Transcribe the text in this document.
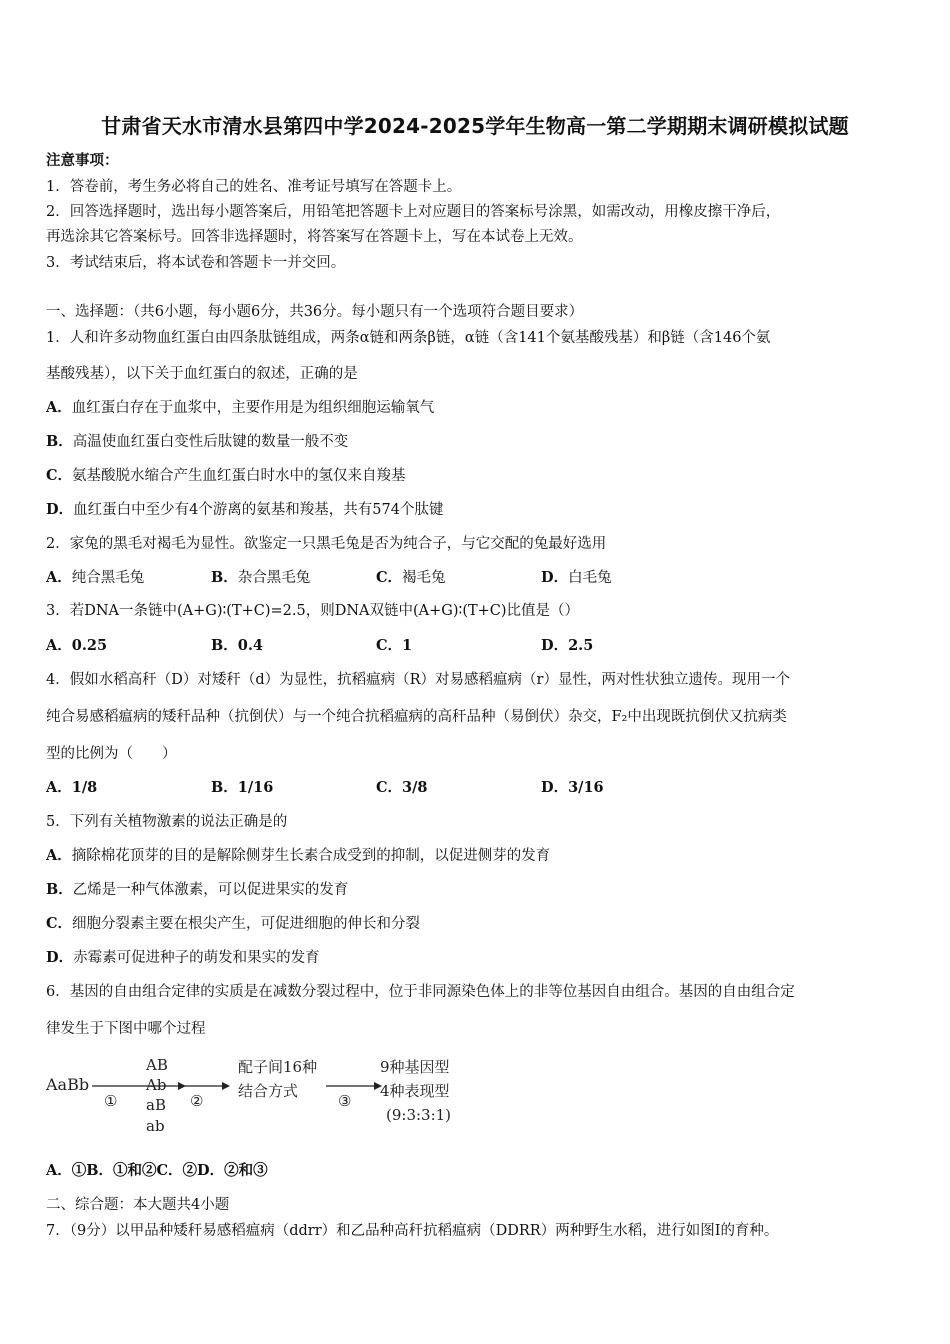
甘肃省天水市清水县第四中学2024-2025学年生物高一第二学期期末调研模拟试题
注意事项：
1．答卷前，考生务必将自己的姓名、准考证号填写在答题卡上。
2．回答选择题时，选出每小题答案后，用铅笔把答题卡上对应题目的答案标号涂黑，如需改动，用橡皮擦干净后，
再选涂其它答案标号。回答非选择题时，将答案写在答题卡上，写在本试卷上无效。
3．考试结束后，将本试卷和答题卡一并交回。
一、选择题：（共6小题，每小题6分，共36分。每小题只有一个选项符合题目要求）
1．人和许多动物血红蛋白由四条肽链组成，两条α链和两条β链，α链（含141个氨基酸残基）和β链（含146个氨
基酸残基），以下关于血红蛋白的叙述，正确的是
A．血红蛋白存在于血浆中，主要作用是为组织细胞运输氧气
B．高温使血红蛋白变性后肽键的数量一般不变
C．氨基酸脱水缩合产生血红蛋白时水中的氢仅来自羧基
D．血红蛋白中至少有4个游离的氨基和羧基，共有574个肽键
2．家兔的黑毛对褐毛为显性。欲鉴定一只黑毛兔是否为纯合子，与它交配的兔最好选用
A．纯合黑毛兔	B．杂合黑毛兔	C．褐毛兔	D．白毛兔
3．若DNA一条链中(A+G)∶(T+C)=2.5，则DNA双链中(A+G)∶(T+C)比值是（）
A．0.25	B．0.4	C．1	D．2.5
4．假如水稻高秆（D）对矮秆（d）为显性，抗稻瘟病（R）对易感稻瘟病（r）显性，两对性状独立遗传。现用一个
纯合易感稻瘟病的矮秆品种（抗倒伏）与一个纯合抗稻瘟病的高秆品种（易倒伏）杂交，F₂中出现既抗倒伏又抗病类
型的比例为（　　）
A．1/8	B．1/16	C．3/8	D．3/16
5．下列有关植物激素的说法正确是的
A．摘除棉花顶芽的目的是解除侧芽生长素合成受到的抑制，以促进侧芽的发育
B．乙烯是一种气体激素，可以促进果实的发育
C．细胞分裂素主要在根尖产生，可促进细胞的伸长和分裂
D．赤霉素可促进种子的萌发和果实的发育
6．基因的自由组合定律的实质是在减数分裂过程中，位于非同源染色体上的非等位基因自由组合。基因的自由组合定
律发生于下图中哪个过程
AaBb
①
AB
Ab
aB
ab
②
配子间16种
结合方式
③
9种基因型
4种表现型
(9:3:3:1)
A．①B．①和②C．②D．②和③
二、综合题：本大题共4小题
7．（9分）以甲品种矮秆易感稻瘟病（ddrr）和乙品种高秆抗稻瘟病（DDRR）两种野生水稻，进行如图I的育种。
